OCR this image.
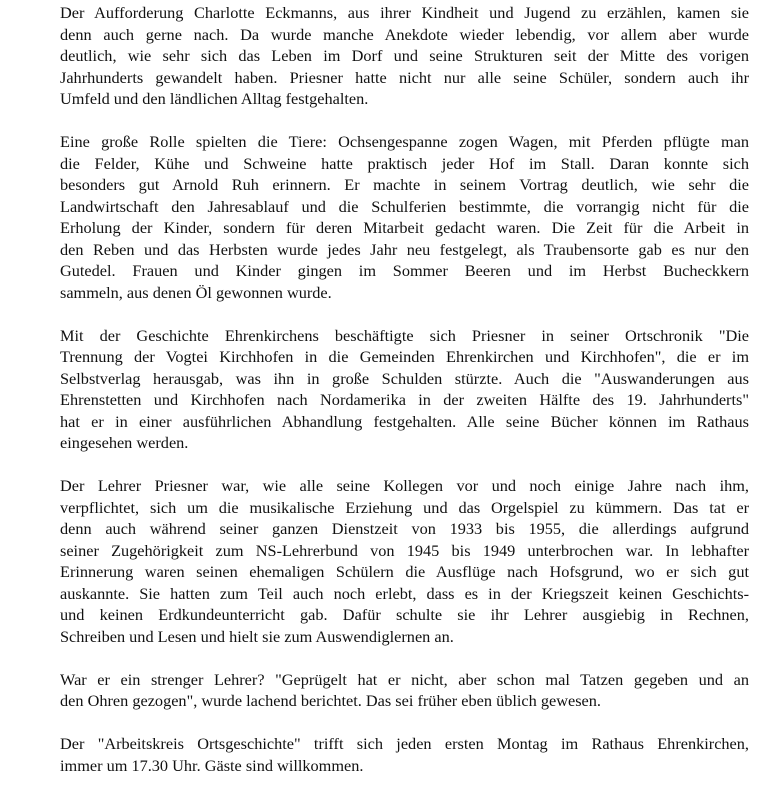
Der Aufforderung Charlotte Eckmanns, aus ihrer Kindheit und Jugend zu erzählen, kamen sie
denn auch gerne nach. Da wurde manche Anekdote wieder lebendig, vor allem aber wurde
deutlich, wie sehr sich das Leben im Dorf und seine Strukturen seit der Mitte des vorigen
Jahrhunderts gewandelt haben. Priesner hatte nicht nur alle seine Schüler, sondern auch ihr
Umfeld und den ländlichen Alltag festgehalten.

Eine große Rolle spielten die Tiere: Ochsengespanne zogen Wagen, mit Pferden pflügte man
die Felder, Kühe und Schweine hatte praktisch jeder Hof im Stall. Daran konnte sich
besonders gut Arnold Ruh erinnern. Er machte in seinem Vortrag deutlich, wie sehr die
Landwirtschaft den Jahresablauf und die Schulferien bestimmte, die vorrangig nicht für die
Erholung der Kinder, sondern für deren Mitarbeit gedacht waren. Die Zeit für die Arbeit in
den Reben und das Herbsten wurde jedes Jahr neu festgelegt, als Traubensorte gab es nur den
Gutedel. Frauen und Kinder gingen im Sommer Beeren und im Herbst Bucheckkern
sammeln, aus denen Öl gewonnen wurde.

Mit der Geschichte Ehrenkirchens beschäftigte sich Priesner in seiner Ortschronik "Die
Trennung der Vogtei Kirchhofen in die Gemeinden Ehrenkirchen und Kirchhofen", die er im
Selbstverlag herausgab, was ihn in große Schulden stürzte. Auch die "Auswanderungen aus
Ehrenstetten und Kirchhofen nach Nordamerika in der zweiten Hälfte des 19. Jahrhunderts"
hat er in einer ausführlichen Abhandlung festgehalten. Alle seine Bücher können im Rathaus
eingesehen werden.

Der Lehrer Priesner war, wie alle seine Kollegen vor und noch einige Jahre nach ihm,
verpflichtet, sich um die musikalische Erziehung und das Orgelspiel zu kümmern. Das tat er
denn auch während seiner ganzen Dienstzeit von 1933 bis 1955, die allerdings aufgrund
seiner Zugehörigkeit zum NS-Lehrerbund von 1945 bis 1949 unterbrochen war. In lebhafter
Erinnerung waren seinen ehemaligen Schülern die Ausflüge nach Hofsgrund, wo er sich gut
auskannte. Sie hatten zum Teil auch noch erlebt, dass es in der Kriegszeit keinen Geschichts-
und keinen Erdkundeunterricht gab. Dafür schulte sie ihr Lehrer ausgiebig in Rechnen,
Schreiben und Lesen und hielt sie zum Auswendiglernen an.

War er ein strenger Lehrer? "Geprügelt hat er nicht, aber schon mal Tatzen gegeben und an
den Ohren gezogen", wurde lachend berichtet. Das sei früher eben üblich gewesen.

Der "Arbeitskreis Ortsgeschichte" trifft sich jeden ersten Montag im Rathaus Ehrenkirchen,
immer um 17.30 Uhr. Gäste sind willkommen.
